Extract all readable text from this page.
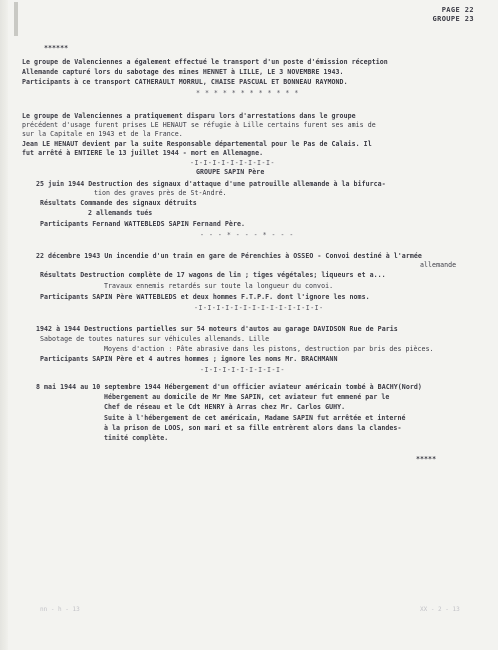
PAGE 22
GROUPE 23
******
Le groupe de Valenciennes a également effectué le transport d'un poste d'émission réception
Allemande capturé lors du sabotage des mines HENNET à LILLE, LE 3 NOVEMBRE 1943.
Participants à ce transport CATHERAULT MORRUL, CHAISE PASCUAL ET BONNEAU RAYMOND.
* * * * * * * * * * * *
Le groupe de Valenciennes a pratiquement disparu lors d'arrestations dans le groupe
précédent d'usage furent prises LE HENAUT se réfugie à Lille certains furent ses amis de
sur la Capitale en 1943 et de la France.
Jean LE HENAUT devient par la suite Responsable départemental pour le Pas de Calais. Il
fut arrêté à ENTIERE le 13 juillet 1944 - mort en Allemagne.
-I-I-I-I-I-I-I-I-I-
GROUPE SAPIN Père
25 juin 1944 Destruction des signaux d'attaque d'une patrouille allemande à la bifurca-
tion des graves près de St-André.
Résultats Commande des signaux détruits
2 allemands tués
Participants Fernand WATTEBLEDS SAPIN Fernand Père.
- - - * - - - * - - -
22 décembre 1943 Un incendie d'un train en gare de Pérenchies à OSSEO - Convoi destiné à l'armée
allemande
Résultats Destruction complète de 17 wagons de lin ; tiges végétales; liqueurs et a...
Travaux ennemis retardés sur toute la longueur du convoi.
Participants SAPIN Père WATTEBLEDS et deux hommes F.T.P.F. dont l'ignore les noms.
-I-I-I-I-I-I-I-I-I-I-I-I-I-I-
1942 à 1944 Destructions partielles sur 54 moteurs d'autos au garage DAVIDSON Rue de Paris
Sabotage de toutes natures sur véhicules allemands. Lille
Moyens d'action : Pâte abrasive dans les pistons, destruction par bris des pièces.
Participants SAPIN Père et 4 autres hommes ; ignore les noms Mr. BRACHMANN
-I-I-I-I-I-I-I-I-I-
8 mai 1944 au 10 septembre 1944 Hébergement d'un officier aviateur américain tombé à BACHY(Nord)
Hébergement au domicile de Mr Mme SAPIN, cet aviateur fut emmené par le
Chef de réseau et le Cdt HENRY à Arras chez Mr. Carlos GUHY.
Suite à l'hébergement de cet américain, Madame SAPIN fut arrêtée et interné
à la prison de LOOS, son mari et sa fille entrèrent alors dans la clandes-
tinité complète.
*****
nn - h - 13	XX - 2 - 13
